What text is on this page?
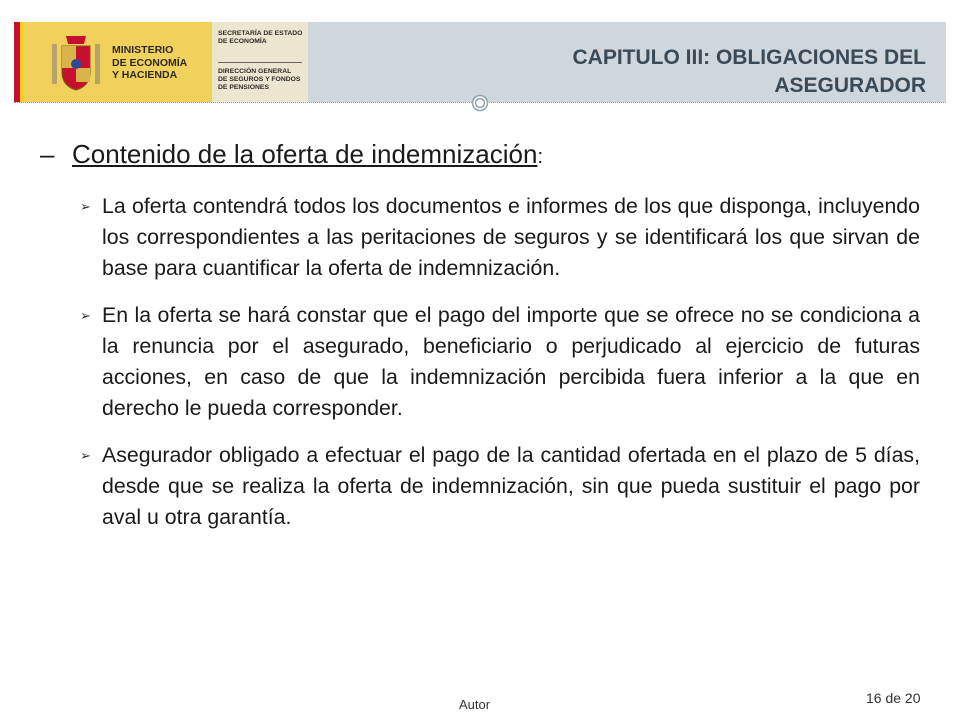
MINISTERIO
DE ECONOMÍA
Y HACIENDA
SECRETARÍA DE ESTADO
DE ECONOMÍA
DIRECCIÓN GENERAL
DE SEGUROS Y FONDOS
DE PENSIONES
CAPITULO III: OBLIGACIONES DEL
ASEGURADOR
– Contenido de la oferta de indemnización:
➢ La oferta contendrá todos los documentos e informes de los que disponga, incluyendo los correspondientes a las peritaciones de seguros y se identificará los que sirvan de base para cuantificar la oferta de indemnización.
➢ En la oferta se hará constar que el pago del importe que se ofrece no se condiciona a la renuncia por el asegurado, beneficiario o perjudicado al ejercicio de futuras acciones, en caso de que la indemnización percibida fuera inferior a la que en derecho le pueda corresponder.
➢ Asegurador obligado a efectuar el pago de la cantidad ofertada en el plazo de 5 días, desde que se realiza la oferta de indemnización, sin que pueda sustituir el pago por aval u otra garantía.
Autor	16 de 20
